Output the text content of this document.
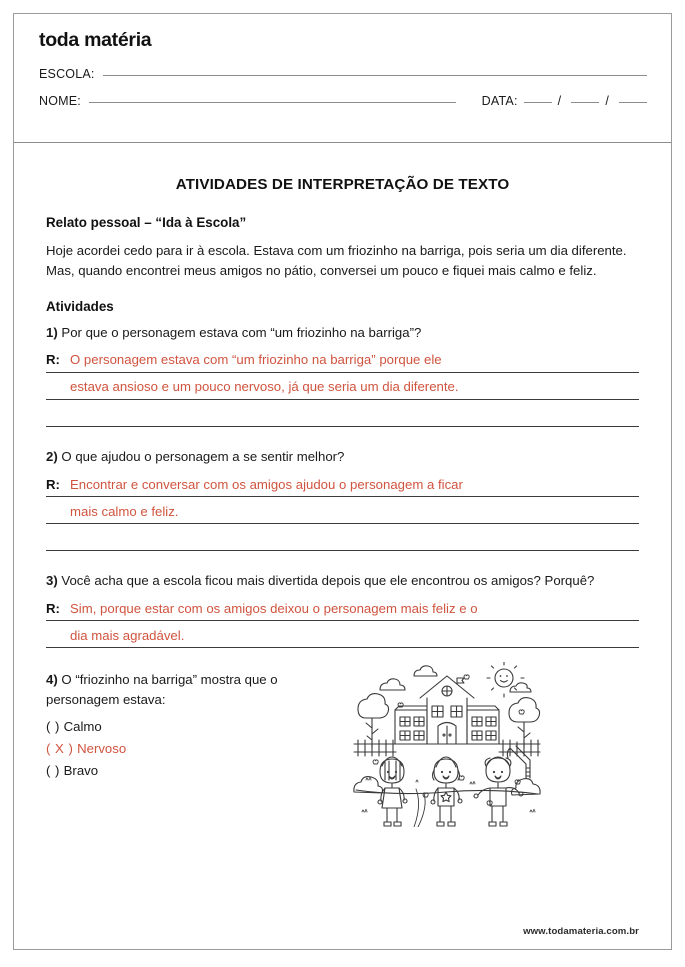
toda matéria
ESCOLA:
NOME:	DATA:	/	/
ATIVIDADES DE INTERPRETAÇÃO DE TEXTO
Relato pessoal – “Ida à Escola”
Hoje acordei cedo para ir à escola. Estava com um friozinho na barriga, pois seria um dia diferente. Mas, quando encontrei meus amigos no pátio, conversei um pouco e fiquei mais calmo e feliz.
Atividades
1) Por que o personagem estava com “um friozinho na barriga”?
R: O personagem estava com “um friozinho na barriga” porque ele
estava ansioso e um pouco nervoso, já que seria um dia diferente.
2) O que ajudou o personagem a se sentir melhor?
R: Encontrar e conversar com os amigos ajudou o personagem a ficar
mais calmo e feliz.
3) Você acha que a escola ficou mais divertida depois que ele encontrou os amigos? Porquê?
R: Sim, porque estar com os amigos deixou o personagem mais feliz e o
dia mais agradável.
4) O “friozinho na barriga” mostra que o personagem estava:
( ) Calmo
( X ) Nervoso
( ) Bravo
www.todamateria.com.br
